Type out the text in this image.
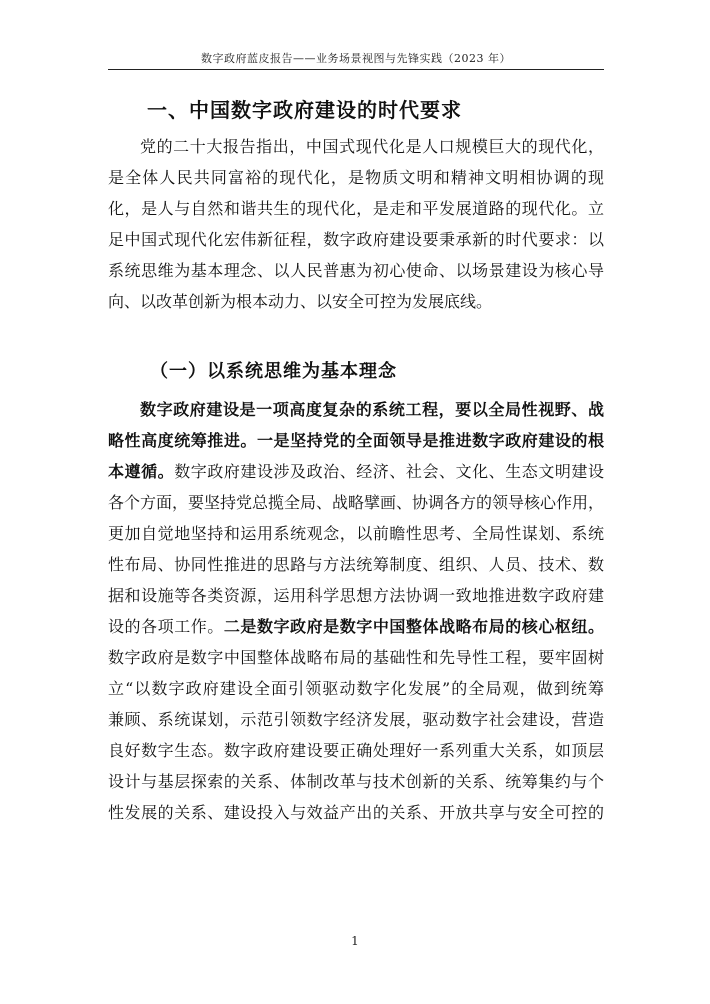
数字政府蓝皮报告——业务场景视图与先锋实践（2023 年）
一、中国数字政府建设的时代要求
党的二十大报告指出，中国式现代化是人口规模巨大的现代化，
是全体人民共同富裕的现代化，是物质文明和精神文明相协调的现
化，是人与自然和谐共生的现代化，是走和平发展道路的现代化。立
足中国式现代化宏伟新征程，数字政府建设要秉承新的时代要求：以
系统思维为基本理念、以人民普惠为初心使命、以场景建设为核心导
向、以改革创新为根本动力、以安全可控为发展底线。
（一）以系统思维为基本理念
数字政府建设是一项高度复杂的系统工程，要以全局性视野、战
略性高度统筹推进。一是坚持党的全面领导是推进数字政府建设的根
本遵循。数字政府建设涉及政治、经济、社会、文化、生态文明建设
各个方面，要坚持党总揽全局、战略擘画、协调各方的领导核心作用，
更加自觉地坚持和运用系统观念，以前瞻性思考、全局性谋划、系统
性布局、协同性推进的思路与方法统筹制度、组织、人员、技术、数
据和设施等各类资源，运用科学思想方法协调一致地推进数字政府建
设的各项工作。二是数字政府是数字中国整体战略布局的核心枢纽。
数字政府是数字中国整体战略布局的基础性和先导性工程，要牢固树
立“以数字政府建设全面引领驱动数字化发展”的全局观，做到统筹
兼顾、系统谋划，示范引领数字经济发展，驱动数字社会建设，营造
良好数字生态。数字政府建设要正确处理好一系列重大关系，如顶层
设计与基层探索的关系、体制改革与技术创新的关系、统筹集约与个
性发展的关系、建设投入与效益产出的关系、开放共享与安全可控的
1
